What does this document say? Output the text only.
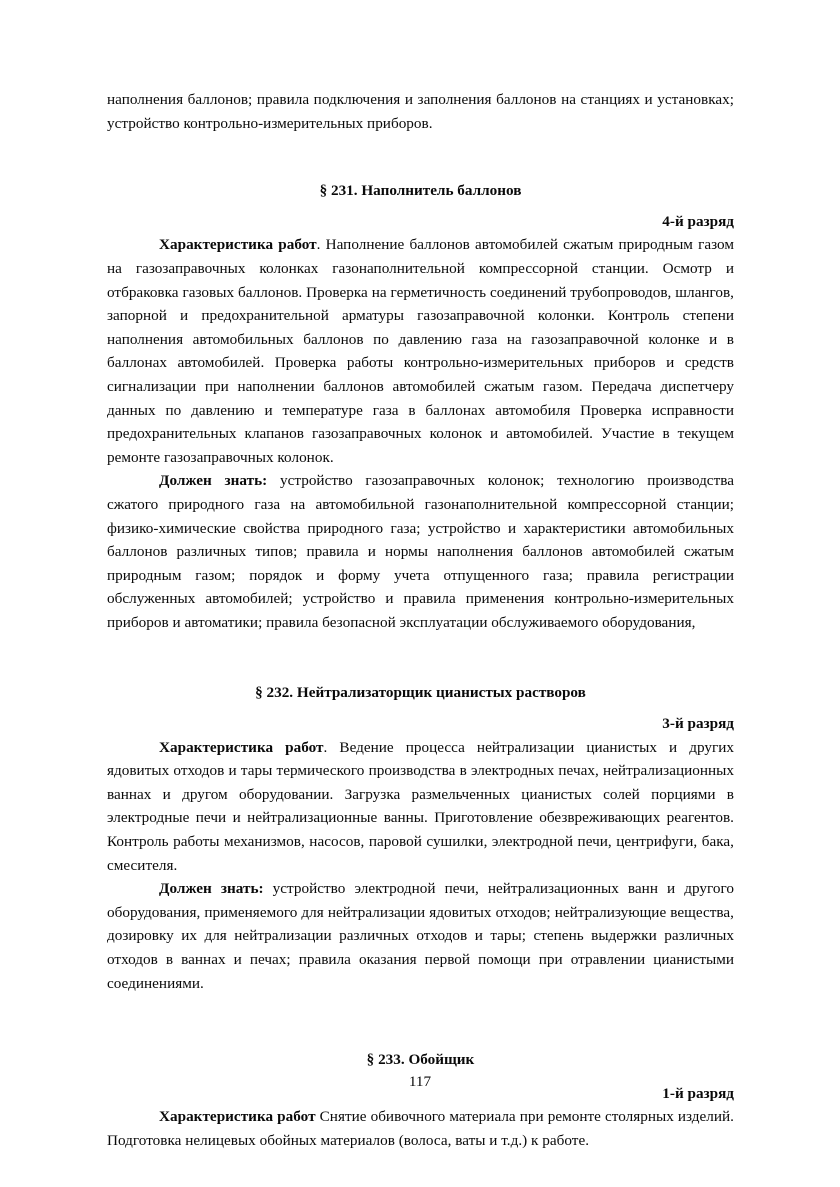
наполнения баллонов; правила подключения и заполнения баллонов на станциях и установках; устройство контрольно-измерительных приборов.

§ 231. Наполнитель баллонов
4-й разряд

Характеристика работ. Наполнение баллонов автомобилей сжатым природным газом на газозаправочных колонках газонаполнительной компрессорной станции. Осмотр и отбраковка газовых баллонов. Проверка на герметичность соединений трубопроводов, шлангов, запорной и предохранительной арматуры газозаправочной колонки. Контроль степени наполнения автомобильных баллонов по давлению газа на газозаправочной колонке и в баллонах автомобилей. Проверка работы контрольно-измерительных приборов и средств сигнализации при наполнении баллонов автомобилей сжатым газом. Передача диспетчеру данных по давлению и температуре газа в баллонах автомобиля Проверка исправности предохранительных клапанов газозаправочных колонок и автомобилей. Участие в текущем ремонте газозаправочных колонок.

Должен знать: устройство газозаправочных колонок; технологию производства сжатого природного газа на автомобильной газонаполнительной компрессорной станции; физико-химические свойства природного газа; устройство и характеристики автомобильных баллонов различных типов; правила и нормы наполнения баллонов автомобилей сжатым природным газом; порядок и форму учета отпущенного газа; правила регистрации обслуженных автомобилей; устройство и правила применения контрольно-измерительных приборов и автоматики; правила безопасной эксплуатации обслуживаемого оборудования,

§ 232. Нейтрализаторщик цианистых растворов
3-й разряд

Характеристика работ. Ведение процесса нейтрализации цианистых и других ядовитых отходов и тары термического производства в электродных печах, нейтрализационных ваннах и другом оборудовании. Загрузка размельченных цианистых солей порциями в электродные печи и нейтрализационные ванны. Приготовление обезвреживающих реагентов. Контроль работы механизмов, насосов, паровой сушилки, электродной печи, центрифуги, бака, смесителя.

Должен знать: устройство электродной печи, нейтрализационных ванн и другого оборудования, применяемого для нейтрализации ядовитых отходов; нейтрализующие вещества, дозировку их для нейтрализации различных отходов и тары; степень выдержки различных отходов в ваннах и печах; правила оказания первой помощи при отравлении цианистыми соединениями.

§ 233. Обойщик
1-й разряд

Характеристика работ Снятие обивочного материала при ремонте столярных изделий. Подготовка нелицевых обойных материалов (волоса, ваты и т.д.) к работе.

117
